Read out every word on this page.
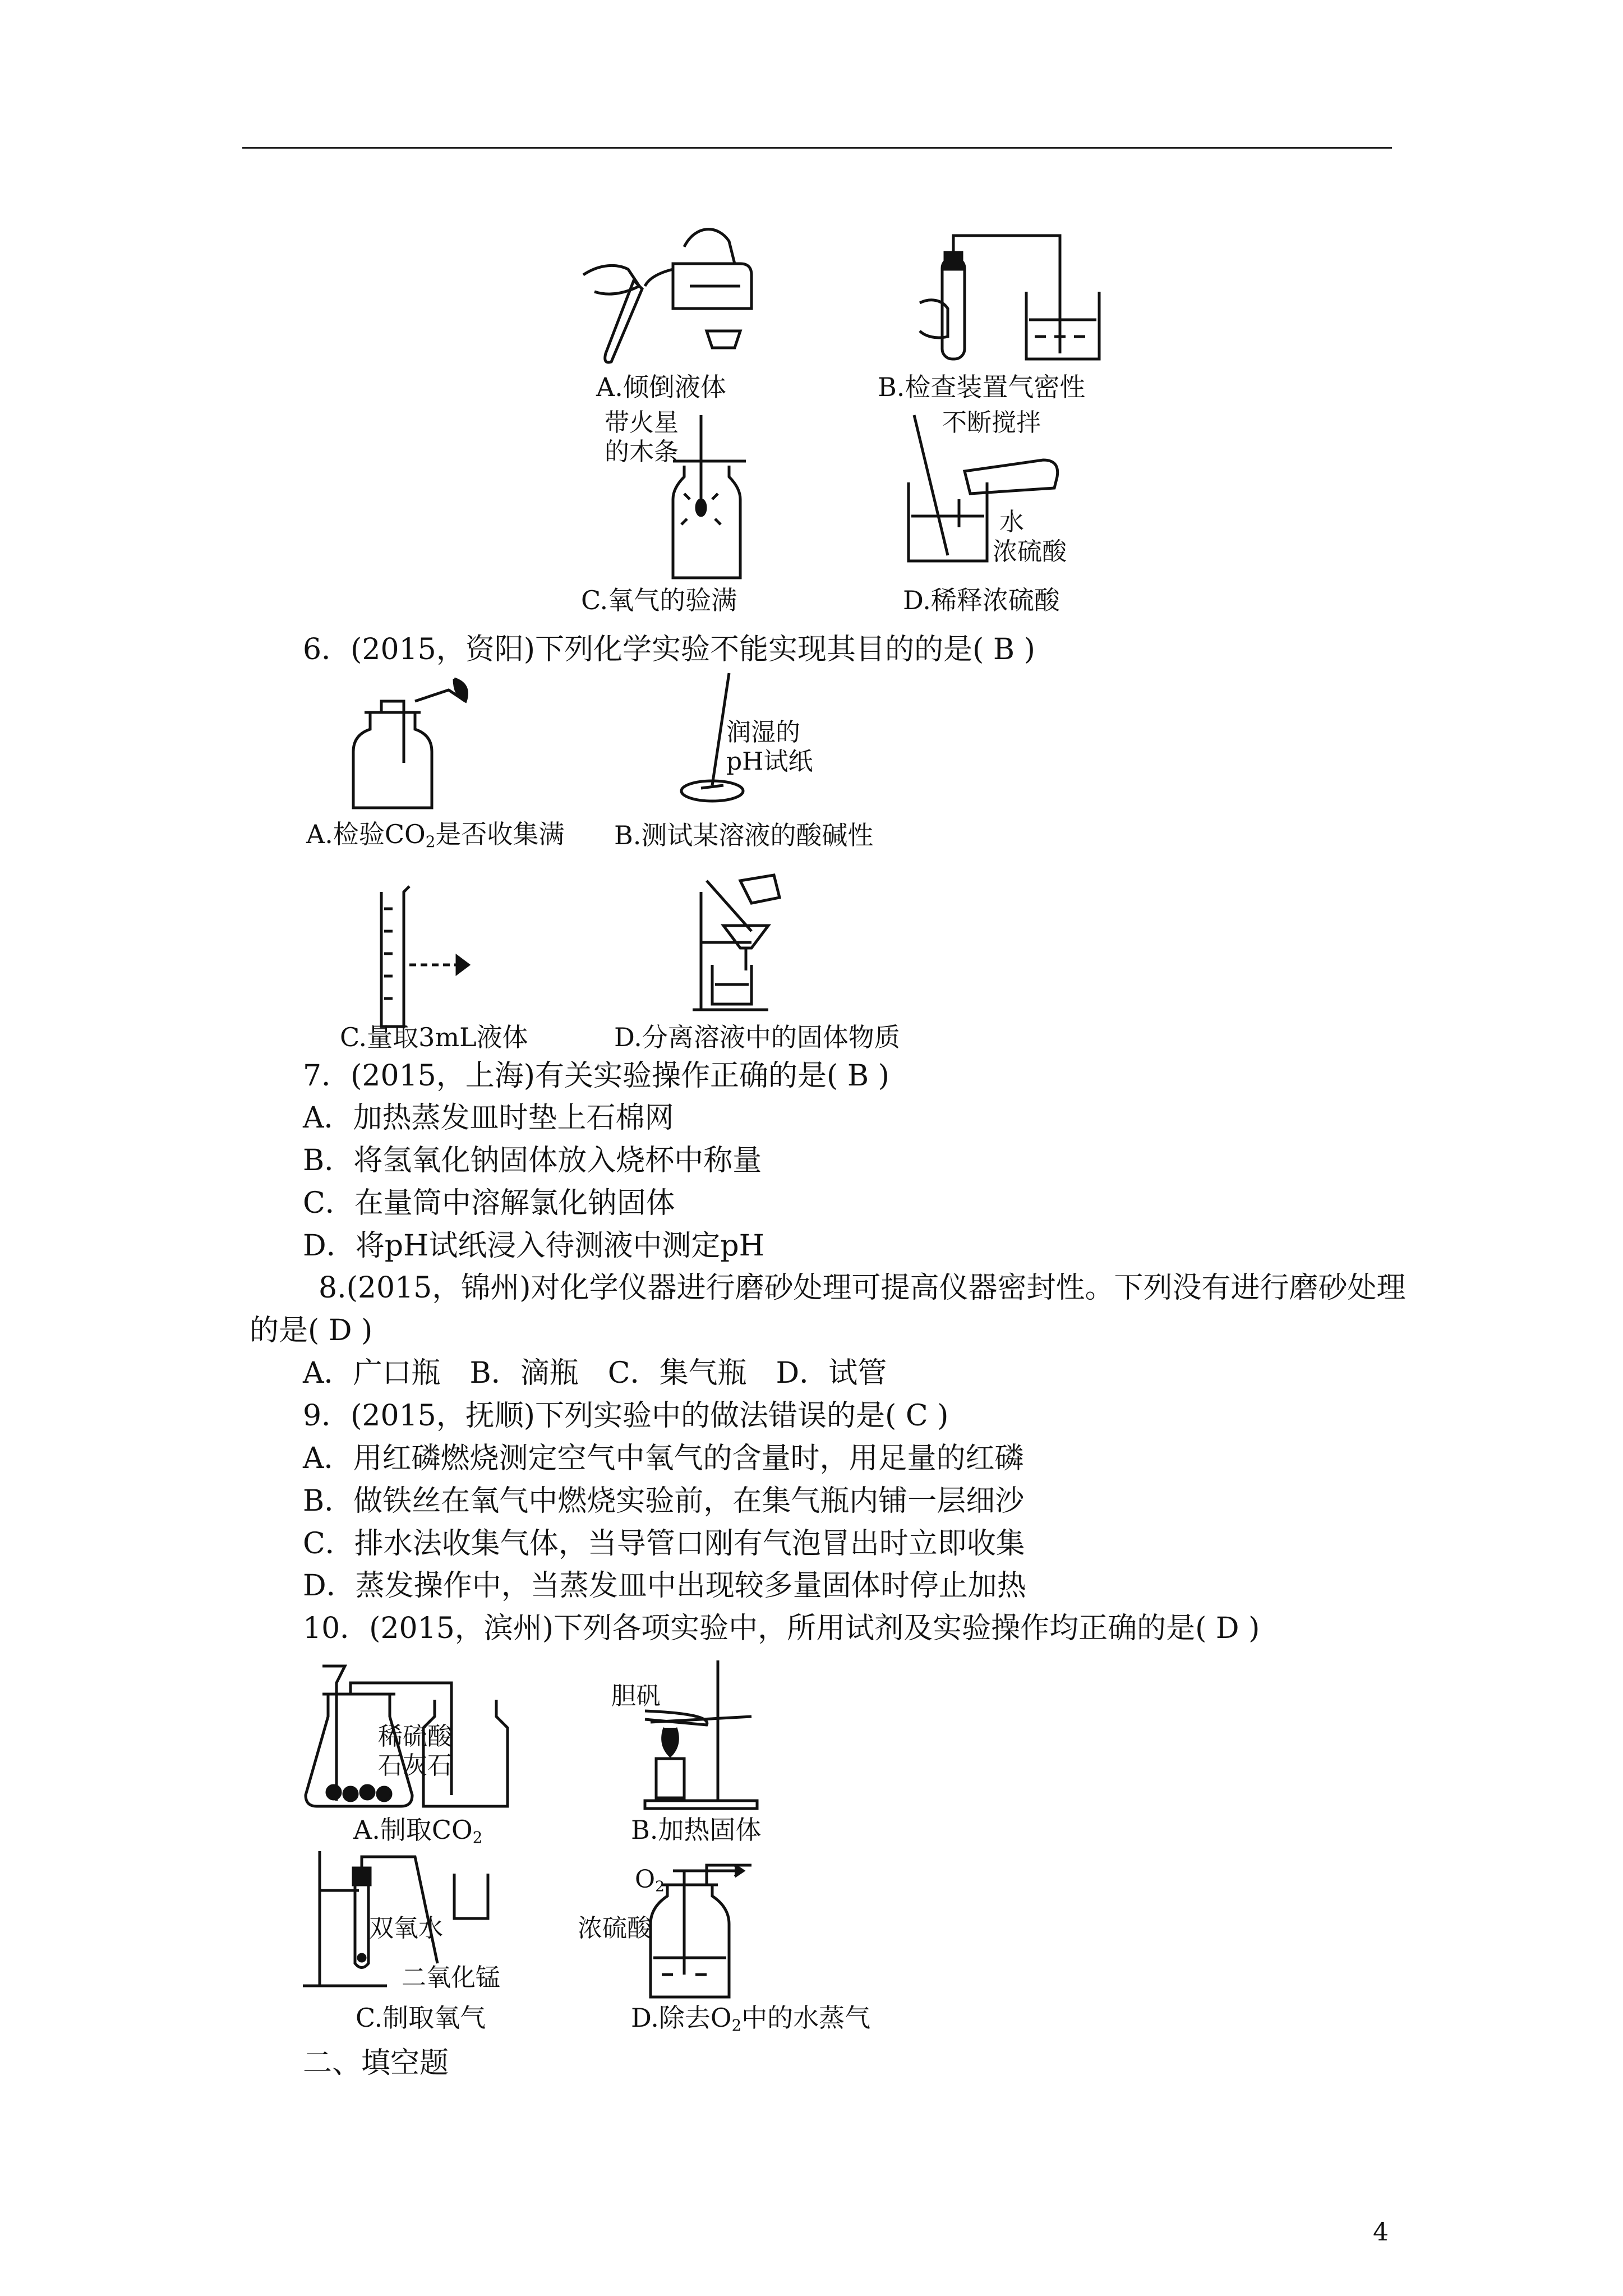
A.倾倒液体	B.检查装置气密性
带火星
的木条
C.氧气的验满
不断搅拌
水
浓硫酸
D.稀释浓硫酸
6．(2015，资阳)下列化学实验不能实现其目的的是( B )
A.检验$CO_2$是否收集满
润湿的
pH试纸
B.测试某溶液的酸碱性
C.量取3mL液体	D.分离溶液中的固体物质
7．(2015，上海)有关实验操作正确的是( B )
A．加热蒸发皿时垫上石棉网
B．将氢氧化钠固体放入烧杯中称量
C．在量筒中溶解氯化钠固体
D．将pH试纸浸入待测液中测定pH
8.(2015，锦州)对化学仪器进行磨砂处理可提高仪器密封性。下列没有进行磨砂处理
的是( D )
A．广口瓶　B．滴瓶　C．集气瓶　D．试管
9．(2015，抚顺)下列实验中的做法错误的是( C )
A．用红磷燃烧测定空气中氧气的含量时，用足量的红磷
B．做铁丝在氧气中燃烧实验前，在集气瓶内铺一层细沙
C．排水法收集气体，当导管口刚有气泡冒出时立即收集
D．蒸发操作中，当蒸发皿中出现较多量固体时停止加热
10．(2015，滨州)下列各项实验中，所用试剂及实验操作均正确的是( D )
稀硫酸
石灰石
A.制取$CO_2$
胆矾
B.加热固体
双氧水
二氧化锰
C.制取氧气
$O_2$
浓硫酸
D.除去$O_2$中的水蒸气
二、填空题
4
